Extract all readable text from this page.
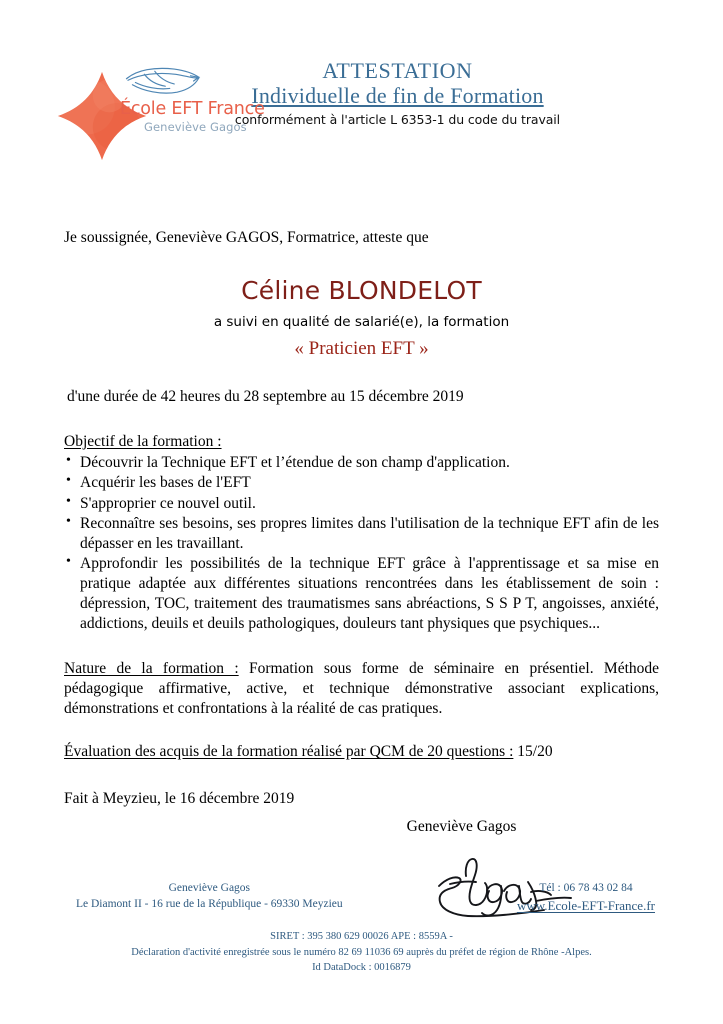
École EFT France
Geneviève Gagos
ATTESTATION
Individuelle de fin de Formation
conformément à l'article L 6353-1 du code du travail
Je soussignée, Geneviève GAGOS, Formatrice, atteste que
Céline BLONDELOT
a suivi en qualité de salarié(e), la formation
« Praticien EFT »
d'une durée de 42 heures du 28 septembre au 15 décembre 2019
Objectif de la formation :
• Découvrir la Technique EFT et l’étendue de son champ d'application.
• Acquérir les bases de l'EFT
• S'approprier ce nouvel outil.
• Reconnaître ses besoins, ses propres limites dans l'utilisation de la technique EFT afin de les dépasser en les travaillant.
• Approfondir les possibilités de la technique EFT grâce à l'apprentissage et sa mise en pratique adaptée aux différentes situations rencontrées dans les établissement de soin : dépression, TOC, traitement des traumatismes sans abréactions, S S P T, angoisses, anxiété, addictions, deuils et deuils pathologiques, douleurs tant physiques que psychiques...

Nature de la formation : Formation sous forme de séminaire en présentiel. Méthode pédagogique affirmative, active, et technique démonstrative associant explications, démonstrations et confrontations à la réalité de cas pratiques.

Évaluation des acquis de la formation réalisé par QCM de 20 questions : 15/20
Fait à Meyzieu, le 16 décembre 2019
Geneviève Gagos
Geneviève Gagos
Le Diamont II - 16 rue de la République - 69330 Meyzieu
Tél : 06 78 43 02 84
www.Ecole-EFT-France.fr
SIRET : 395 380 629 00026 APE : 8559A -
Déclaration d'activité enregistrée sous le numéro 82 69 11036 69 auprès du préfet de région de Rhône -Alpes.
Id DataDock : 0016879
